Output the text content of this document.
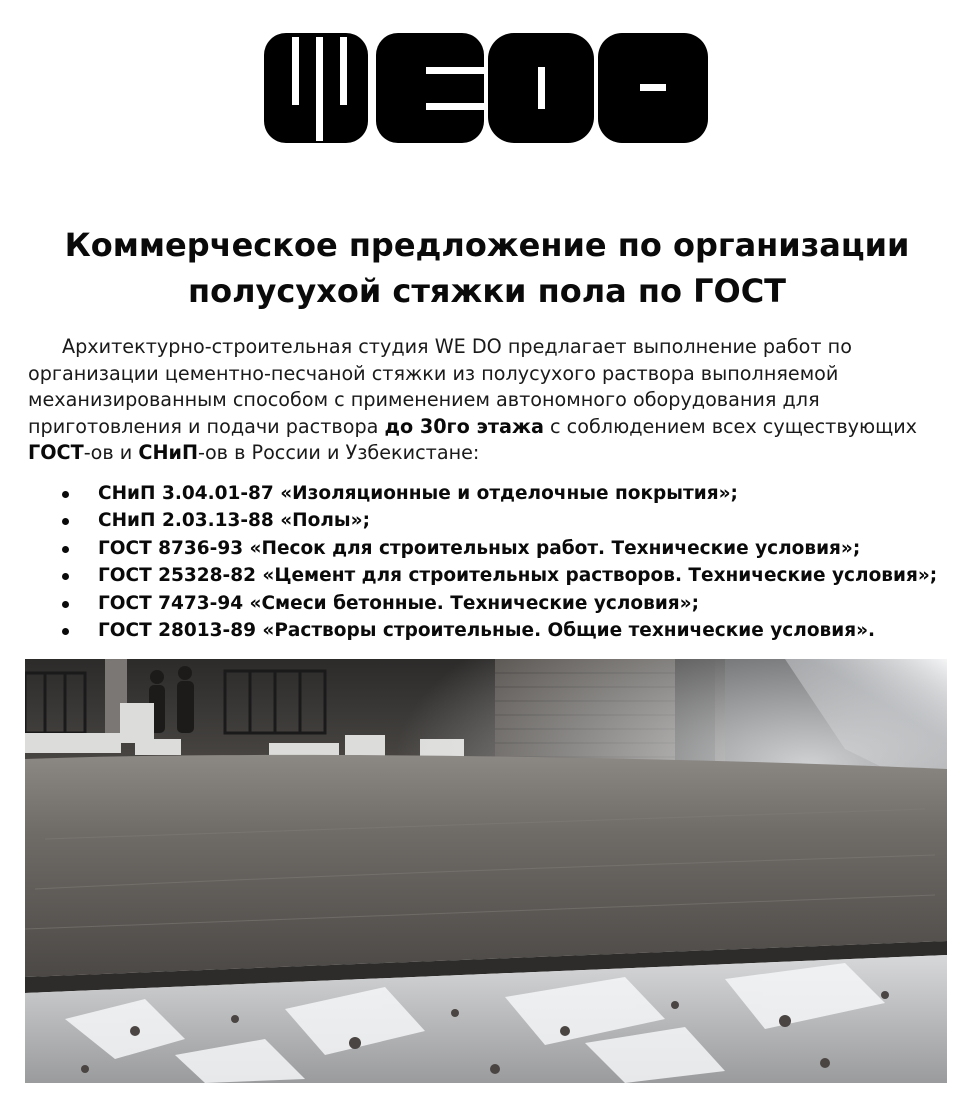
Коммерческое предложение по организации
полусухой стяжки пола по ГОСТ

Архитектурно-строительная студия WE DO предлагает выполнение работ по организации цементно-песчаной стяжки из полусухого раствора выполняемой механизированным способом с применением автономного оборудования для приготовления и подачи раствора до 30го этажа с соблюдением всех существующих ГОСТ-ов и СНиП-ов в России и Узбекистане:

СНиП 3.04.01-87 «Изоляционные и отделочные покрытия»;
СНиП 2.03.13-88 «Полы»;
ГОСТ 8736-93 «Песок для строительных работ. Технические условия»;
ГОСТ 25328-82 «Цемент для строительных растворов. Технические условия»;
ГОСТ 7473-94 «Смеси бетонные. Технические условия»;
ГОСТ 28013-89 «Растворы строительные. Общие технические условия».
